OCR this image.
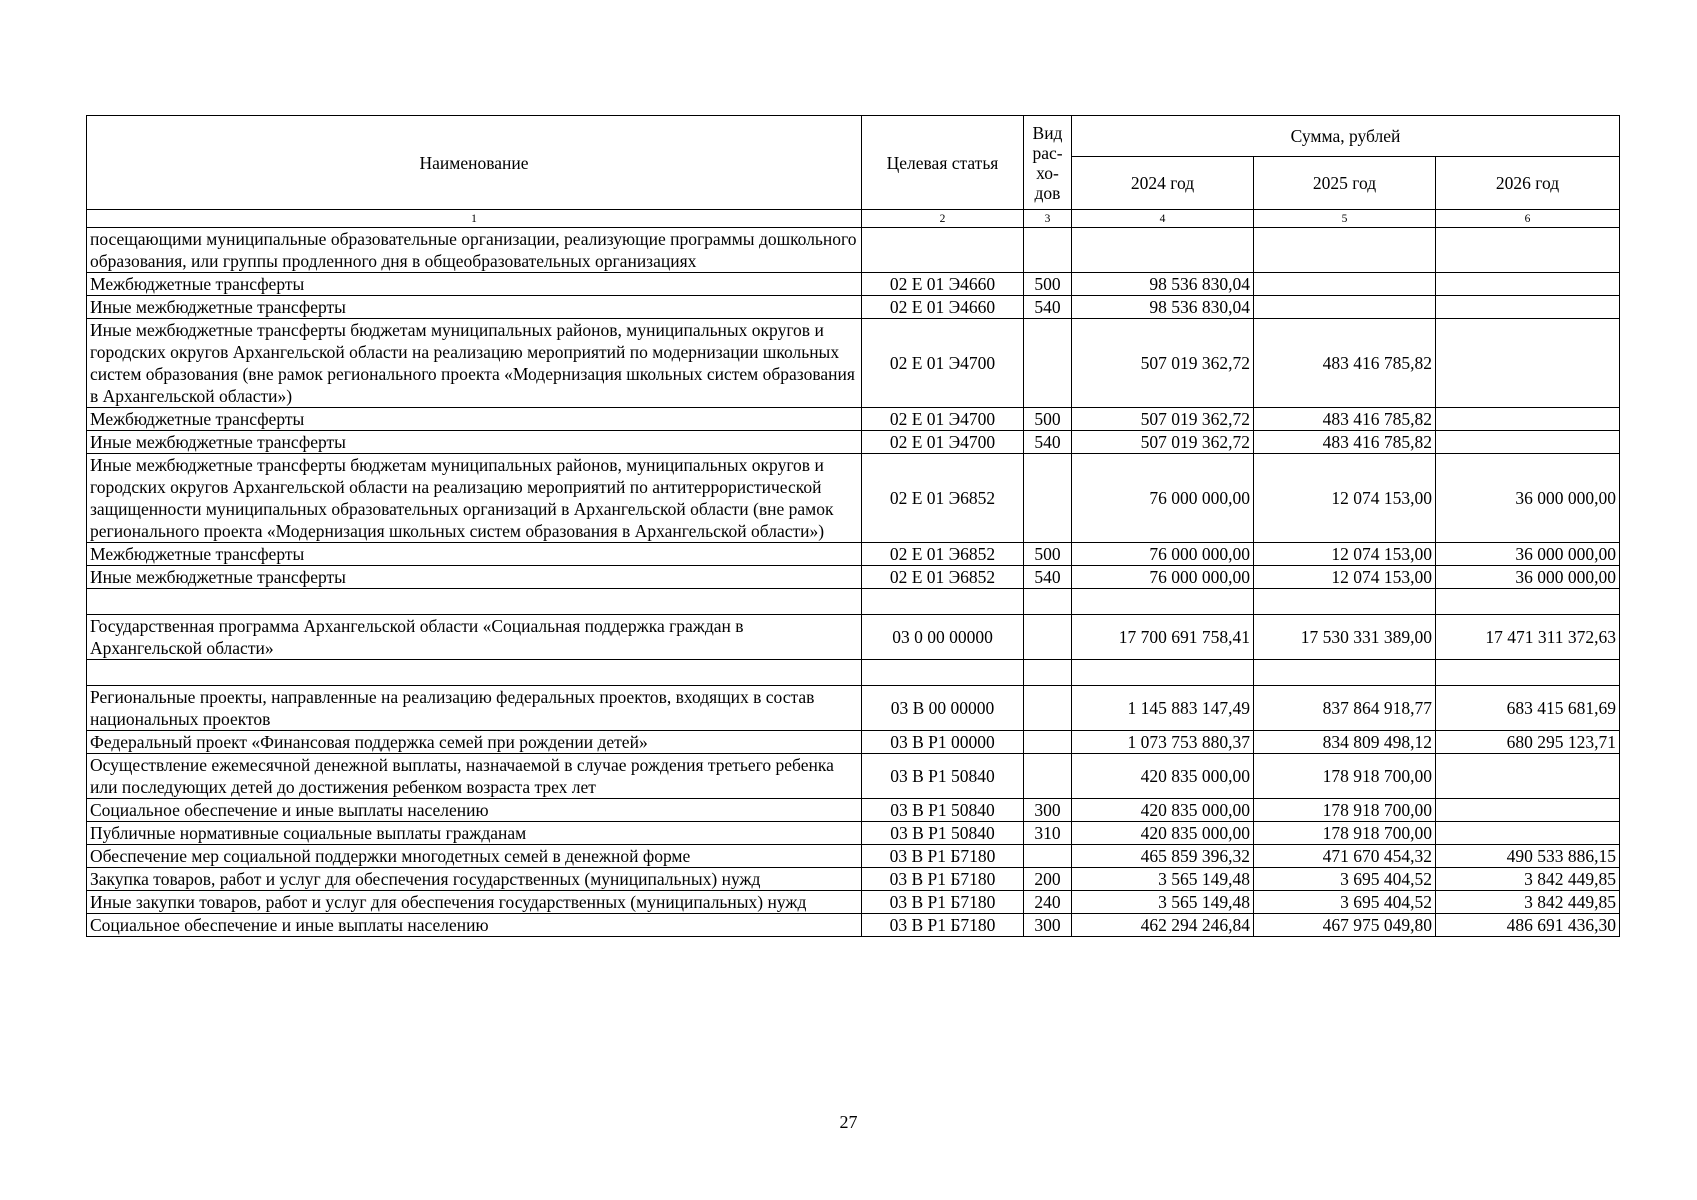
Наименование	Целевая статья	Вид рас-хо-дов	Сумма, рублей		
			2024 год	2025 год	2026 год
1	2	3	4	5	6
посещающими муниципальные образовательные организации, реализующие программы дошкольного образования, или группы продленного дня в общеобразовательных организациях					
Межбюджетные трансферты	02 Е 01 Э4660	500	98 536 830,04		
Иные межбюджетные трансферты	02 Е 01 Э4660	540	98 536 830,04		
Иные межбюджетные трансферты бюджетам муниципальных районов, муниципальных округов и городских округов Архангельской области на реализацию мероприятий по модернизации школьных систем образования (вне рамок регионального проекта «Модернизация школьных систем образования в Архангельской области»)	02 Е 01 Э4700		507 019 362,72	483 416 785,82	
Межбюджетные трансферты	02 Е 01 Э4700	500	507 019 362,72	483 416 785,82	
Иные межбюджетные трансферты	02 Е 01 Э4700	540	507 019 362,72	483 416 785,82	
Иные межбюджетные трансферты бюджетам муниципальных районов, муниципальных округов и городских округов Архангельской области на реализацию мероприятий по антитеррористической защищенности муниципальных образовательных организаций в Архангельской области (вне рамок регионального проекта «Модернизация школьных систем образования в Архангельской области»)	02 Е 01 Э6852		76 000 000,00	12 074 153,00	36 000 000,00
Межбюджетные трансферты	02 Е 01 Э6852	500	76 000 000,00	12 074 153,00	36 000 000,00
Иные межбюджетные трансферты	02 Е 01 Э6852	540	76 000 000,00	12 074 153,00	36 000 000,00

Государственная программа Архангельской области «Социальная поддержка граждан в Архангельской области»	03 0 00 00000		17 700 691 758,41	17 530 331 389,00	17 471 311 372,63

Региональные проекты, направленные на реализацию федеральных проектов, входящих в состав национальных проектов	03 В 00 00000		1 145 883 147,49	837 864 918,77	683 415 681,69
Федеральный проект «Финансовая поддержка семей при рождении детей»	03 В Р1 00000		1 073 753 880,37	834 809 498,12	680 295 123,71
Осуществление ежемесячной денежной выплаты, назначаемой в случае рождения третьего ребенка или последующих детей до достижения ребенком возраста трех лет	03 В Р1 50840		420 835 000,00	178 918 700,00	
Социальное обеспечение и иные выплаты населению	03 В Р1 50840	300	420 835 000,00	178 918 700,00	
Публичные нормативные социальные выплаты гражданам	03 В Р1 50840	310	420 835 000,00	178 918 700,00	
Обеспечение мер социальной поддержки многодетных семей в денежной форме	03 В Р1 Б7180		465 859 396,32	471 670 454,32	490 533 886,15
Закупка товаров, работ и услуг для обеспечения государственных (муниципальных) нужд	03 В Р1 Б7180	200	3 565 149,48	3 695 404,52	3 842 449,85
Иные закупки товаров, работ и услуг для обеспечения государственных (муниципальных) нужд	03 В Р1 Б7180	240	3 565 149,48	3 695 404,52	3 842 449,85
Социальное обеспечение и иные выплаты населению	03 В Р1 Б7180	300	462 294 246,84	467 975 049,80	486 691 436,30
27
